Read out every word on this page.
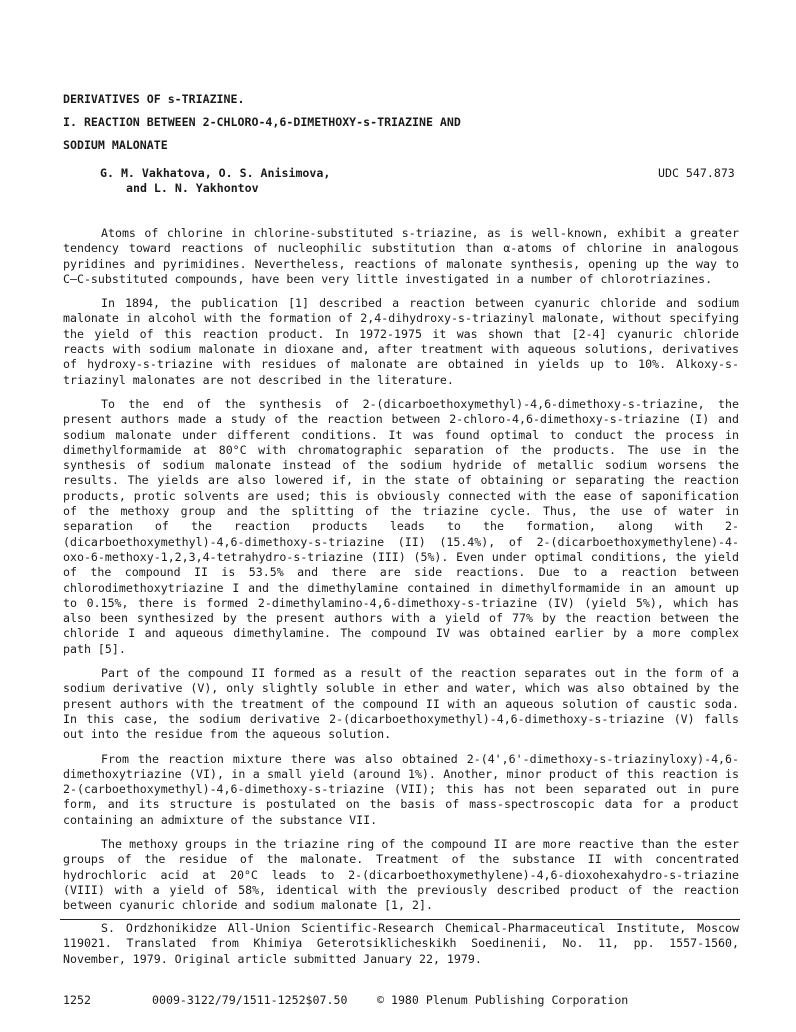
DERIVATIVES OF s-TRIAZINE.
I. REACTION BETWEEN 2-CHLORO-4,6-DIMETHOXY-s-TRIAZINE AND
SODIUM MALONATE
G. M. Vakhatova, O. S. Anisimova,
and L. N. Yakhontov
UDC 547.873

Atoms of chlorine in chlorine-substituted s-triazine, as is well-known, exhibit a greater tendency toward reactions of nucleophilic substitution than α-atoms of chlorine in analogous pyridines and pyrimidines. Nevertheless, reactions of malonate synthesis, opening up the way to C–C-substituted compounds, have been very little investigated in a number of chlorotriazines.

In 1894, the publication [1] described a reaction between cyanuric chloride and sodium malonate in alcohol with the formation of 2,4-dihydroxy-s-triazinyl malonate, without specifying the yield of this reaction product. In 1972-1975 it was shown that [2-4] cyanuric chloride reacts with sodium malonate in dioxane and, after treatment with aqueous solutions, derivatives of hydroxy-s-triazine with residues of malonate are obtained in yields up to 10%. Alkoxy-s-triazinyl malonates are not described in the literature.

To the end of the synthesis of 2-(dicarboethoxymethyl)-4,6-dimethoxy-s-triazine, the present authors made a study of the reaction between 2-chloro-4,6-dimethoxy-s-triazine (I) and sodium malonate under different conditions. It was found optimal to conduct the process in dimethylformamide at 80°C with chromatographic separation of the products. The use in the synthesis of sodium malonate instead of the sodium hydride of metallic sodium worsens the results. The yields are also lowered if, in the state of obtaining or separating the reaction products, protic solvents are used; this is obviously connected with the ease of saponification of the methoxy group and the splitting of the triazine cycle. Thus, the use of water in separation of the reaction products leads to the formation, along with 2-(dicarboethoxymethyl)-4,6-dimethoxy-s-triazine (II) (15.4%), of 2-(dicarboethoxymethylene)-4-oxo-6-methoxy-1,2,3,4-tetrahydro-s-triazine (III) (5%). Even under optimal conditions, the yield of the compound II is 53.5% and there are side reactions. Due to a reaction between chlorodimethoxytriazine I and the dimethylamine contained in dimethylformamide in an amount up to 0.15%, there is formed 2-dimethylamino-4,6-dimethoxy-s-triazine (IV) (yield 5%), which has also been synthesized by the present authors with a yield of 77% by the reaction between the chloride I and aqueous dimethylamine. The compound IV was obtained earlier by a more complex path [5].

Part of the compound II formed as a result of the reaction separates out in the form of a sodium derivative (V), only slightly soluble in ether and water, which was also obtained by the present authors with the treatment of the compound II with an aqueous solution of caustic soda. In this case, the sodium derivative 2-(dicarboethoxymethyl)-4,6-dimethoxy-s-triazine (V) falls out into the residue from the aqueous solution.

From the reaction mixture there was also obtained 2-(4',6'-dimethoxy-s-triazinyloxy)-4,6-dimethoxytriazine (VI), in a small yield (around 1%). Another, minor product of this reaction is 2-(carboethoxymethyl)-4,6-dimethoxy-s-triazine (VII); this has not been separated out in pure form, and its structure is postulated on the basis of mass-spectroscopic data for a product containing an admixture of the substance VII.

The methoxy groups in the triazine ring of the compound II are more reactive than the ester groups of the residue of the malonate. Treatment of the substance II with concentrated hydrochloric acid at 20°C leads to 2-(dicarboethoxymethylene)-4,6-dioxohexahydro-s-triazine (VIII) with a yield of 58%, identical with the previously described product of the reaction between cyanuric chloride and sodium malonate [1, 2].

S. Ordzhonikidze All-Union Scientific-Research Chemical-Pharmaceutical Institute, Moscow 119021. Translated from Khimiya Geterotsiklicheskikh Soedinenii, No. 11, pp. 1557-1560, November, 1979. Original article submitted January 22, 1979.
1252	0009-3122/79/1511-1252$07.50	© 1980 Plenum Publishing Corporation
